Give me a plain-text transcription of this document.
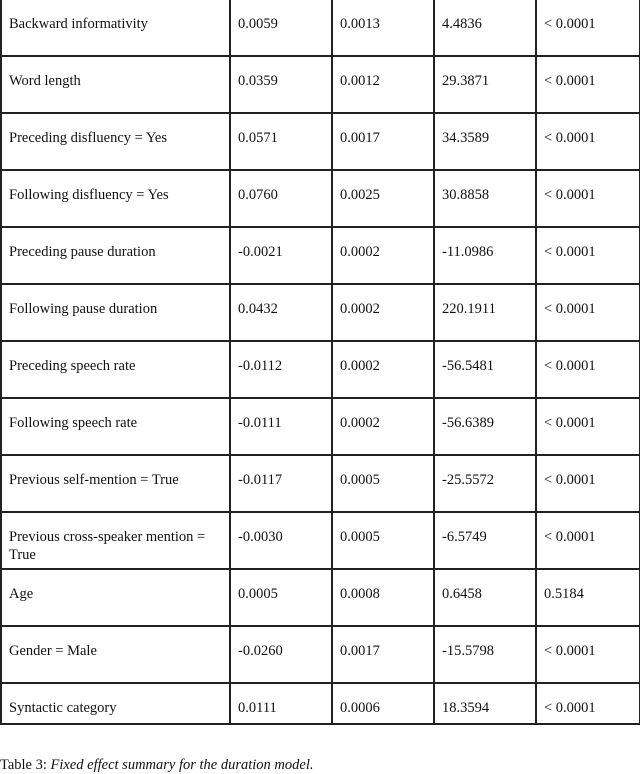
Backward informativity	0.0059	0.0013	4.4836	< 0.0001
Word length	0.0359	0.0012	29.3871	< 0.0001
Preceding disfluency = Yes	0.0571	0.0017	34.3589	< 0.0001
Following disfluency = Yes	0.0760	0.0025	30.8858	< 0.0001
Preceding pause duration	-0.0021	0.0002	-11.0986	< 0.0001
Following pause duration	0.0432	0.0002	220.1911	< 0.0001
Preceding speech rate	-0.0112	0.0002	-56.5481	< 0.0001
Following speech rate	-0.0111	0.0002	-56.6389	< 0.0001
Previous self-mention = True	-0.0117	0.0005	-25.5572	< 0.0001
Previous cross-speaker mention = True	-0.0030	0.0005	-6.5749	< 0.0001
Age	0.0005	0.0008	0.6458	0.5184
Gender = Male	-0.0260	0.0017	-15.5798	< 0.0001
Syntactic category	0.0111	0.0006	18.3594	< 0.0001
Table 3: Fixed effect summary for the duration model.
